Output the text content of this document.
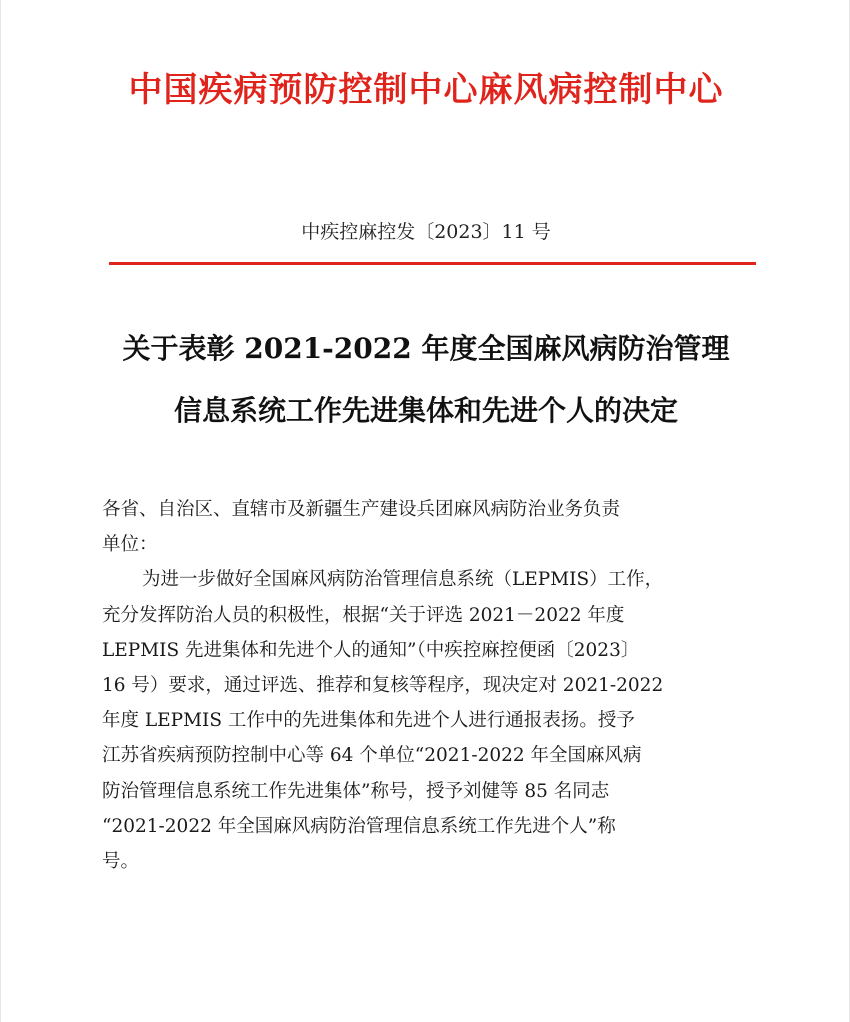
中国疾病预防控制中心麻风病控制中心
中疾控麻控发〔2023〕11 号
关于表彰 2021-2022 年度全国麻风病防治管理
信息系统工作先进集体和先进个人的决定
各省、自治区、直辖市及新疆生产建设兵团麻风病防治业务负责
单位：
为进一步做好全国麻风病防治管理信息系统（LEPMIS）工作，
充分发挥防治人员的积极性，根据“关于评选 2021－2022 年度
LEPMIS 先进集体和先进个人的通知”（中疾控麻控便函〔2023〕
16 号）要求，通过评选、推荐和复核等程序，现决定对 2021-2022
年度 LEPMIS 工作中的先进集体和先进个人进行通报表扬。授予
江苏省疾病预防控制中心等 64 个单位“2021-2022 年全国麻风病
防治管理信息系统工作先进集体”称号，授予刘健等 85 名同志
“2021-2022 年全国麻风病防治管理信息系统工作先进个人”称
号。
